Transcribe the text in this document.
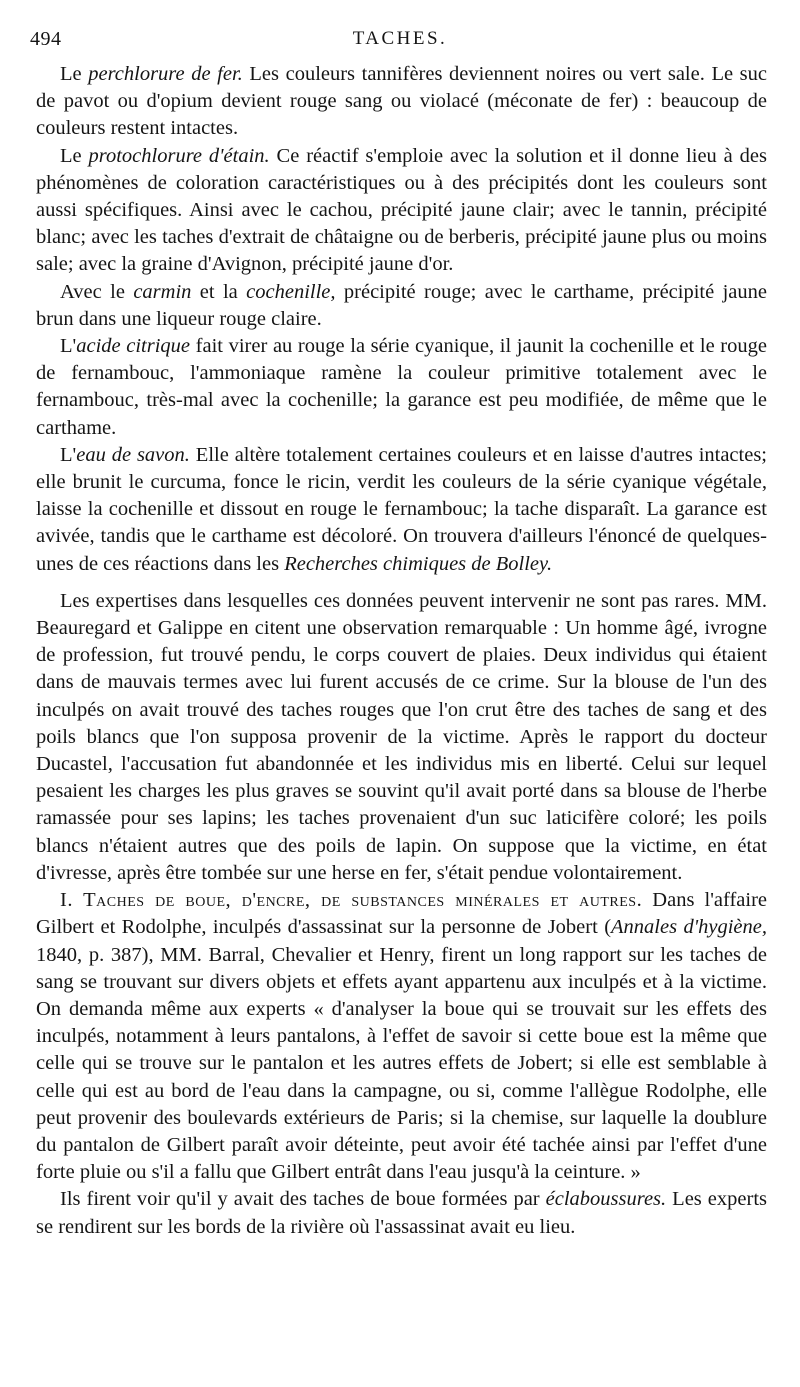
494	TACHES.

Le perchlorure de fer. Les couleurs tannifères deviennent noires ou vert sale. Le suc de pavot ou d'opium devient rouge sang ou violacé (méconate de fer) : beaucoup de couleurs restent intactes.

Le protochlorure d'étain. Ce réactif s'emploie avec la solution et il donne lieu à des phénomènes de coloration caractéristiques ou à des précipités dont les couleurs sont aussi spécifiques. Ainsi avec le cachou, précipité jaune clair; avec le tannin, précipité blanc; avec les taches d'extrait de châtaigne ou de berberis, précipité jaune plus ou moins sale; avec la graine d'Avignon, précipité jaune d'or.

Avec le carmin et la cochenille, précipité rouge; avec le carthame, précipité jaune brun dans une liqueur rouge claire.

L'acide citrique fait virer au rouge la série cyanique, il jaunit la cochenille et le rouge de fernambouc, l'ammoniaque ramène la couleur primitive totalement avec le fernambouc, très-mal avec la cochenille; la garance est peu modifiée, de même que le carthame.

L'eau de savon. Elle altère totalement certaines couleurs et en laisse d'autres intactes; elle brunit le curcuma, fonce le ricin, verdit les couleurs de la série cyanique végétale, laisse la cochenille et dissout en rouge le fernambouc; la tache disparaît. La garance est avivée, tandis que le carthame est décoloré. On trouvera d'ailleurs l'énoncé de quelques-unes de ces réactions dans les Recherches chimiques de Bolley.

Les expertises dans lesquelles ces données peuvent intervenir ne sont pas rares. MM. Beauregard et Galippe en citent une observation remarquable : Un homme âgé, ivrogne de profession, fut trouvé pendu, le corps couvert de plaies. Deux individus qui étaient dans de mauvais termes avec lui furent accusés de ce crime. Sur la blouse de l'un des inculpés on avait trouvé des taches rouges que l'on crut être des taches de sang et des poils blancs que l'on supposa provenir de la victime. Après le rapport du docteur Ducastel, l'accusation fut abandonnée et les individus mis en liberté. Celui sur lequel pesaient les charges les plus graves se souvint qu'il avait porté dans sa blouse de l'herbe ramassée pour ses lapins; les taches provenaient d'un suc laticifère coloré; les poils blancs n'étaient autres que des poils de lapin. On suppose que la victime, en état d'ivresse, après être tombée sur une herse en fer, s'était pendue volontairement.

I. Taches de boue, d'encre, de substances minérales et autres. Dans l'affaire Gilbert et Rodolphe, inculpés d'assassinat sur la personne de Jobert (Annales d'hygiène, 1840, p. 387), MM. Barral, Chevalier et Henry, firent un long rapport sur les taches de sang se trouvant sur divers objets et effets ayant appartenu aux inculpés et à la victime. On demanda même aux experts « d'analyser la boue qui se trouvait sur les effets des inculpés, notamment à leurs pantalons, à l'effet de savoir si cette boue est la même que celle qui se trouve sur le pantalon et les autres effets de Jobert; si elle est semblable à celle qui est au bord de l'eau dans la campagne, ou si, comme l'allègue Rodolphe, elle peut provenir des boulevards extérieurs de Paris; si la chemise, sur laquelle la doublure du pantalon de Gilbert paraît avoir déteinte, peut avoir été tachée ainsi par l'effet d'une forte pluie ou s'il a fallu que Gilbert entrât dans l'eau jusqu'à la ceinture. »

Ils firent voir qu'il y avait des taches de boue formées par éclaboussures. Les experts se rendirent sur les bords de la rivière où l'assassinat avait eu lieu.
